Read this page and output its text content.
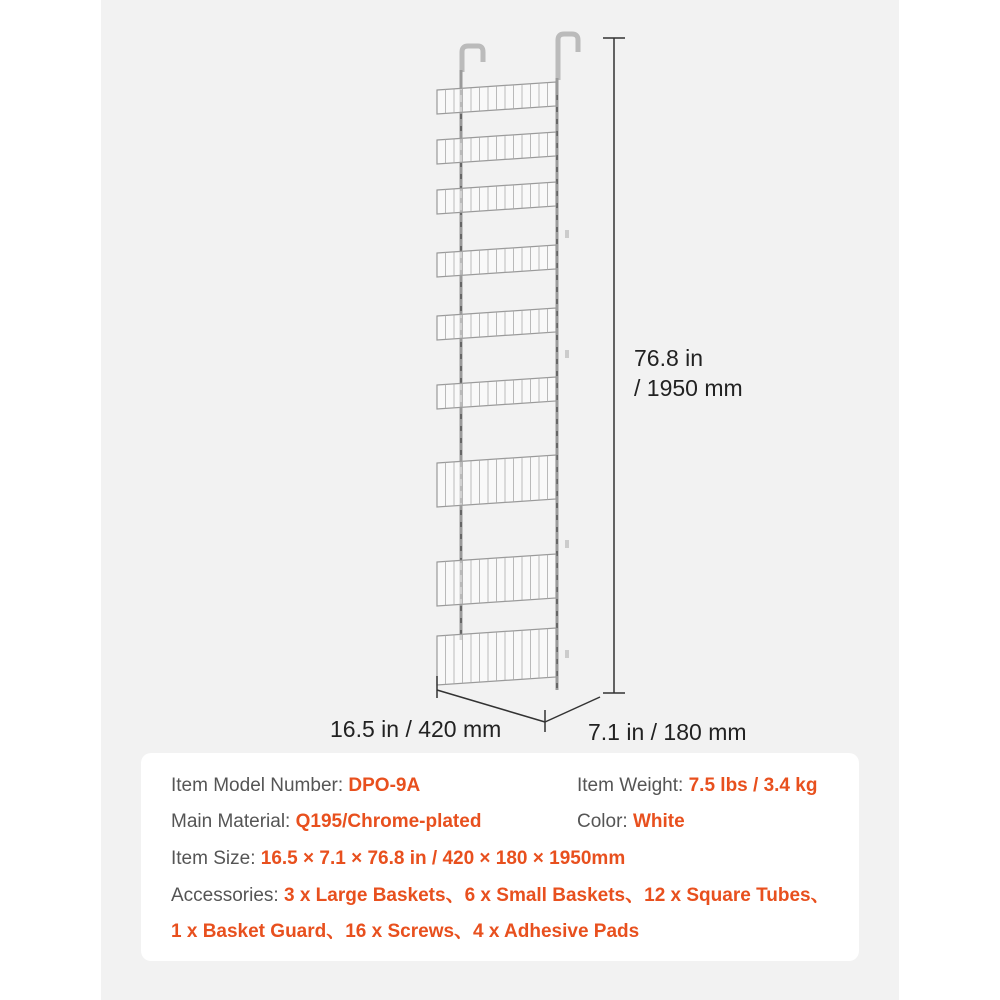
76.8 in
/ 1950 mm
16.5 in / 420 mm	7.1 in / 180 mm
Item Model Number: DPO-9A	Item Weight: 7.5 lbs / 3.4 kg
Main Material: Q195/Chrome-plated	Color: White
Item Size: 16.5 × 7.1 × 76.8 in / 420 × 180 × 1950mm
Accessories: 3 x Large Baskets、6 x Small Baskets、12 x Square Tubes、
1 x Basket Guard、16 x Screws、4 x Adhesive Pads
